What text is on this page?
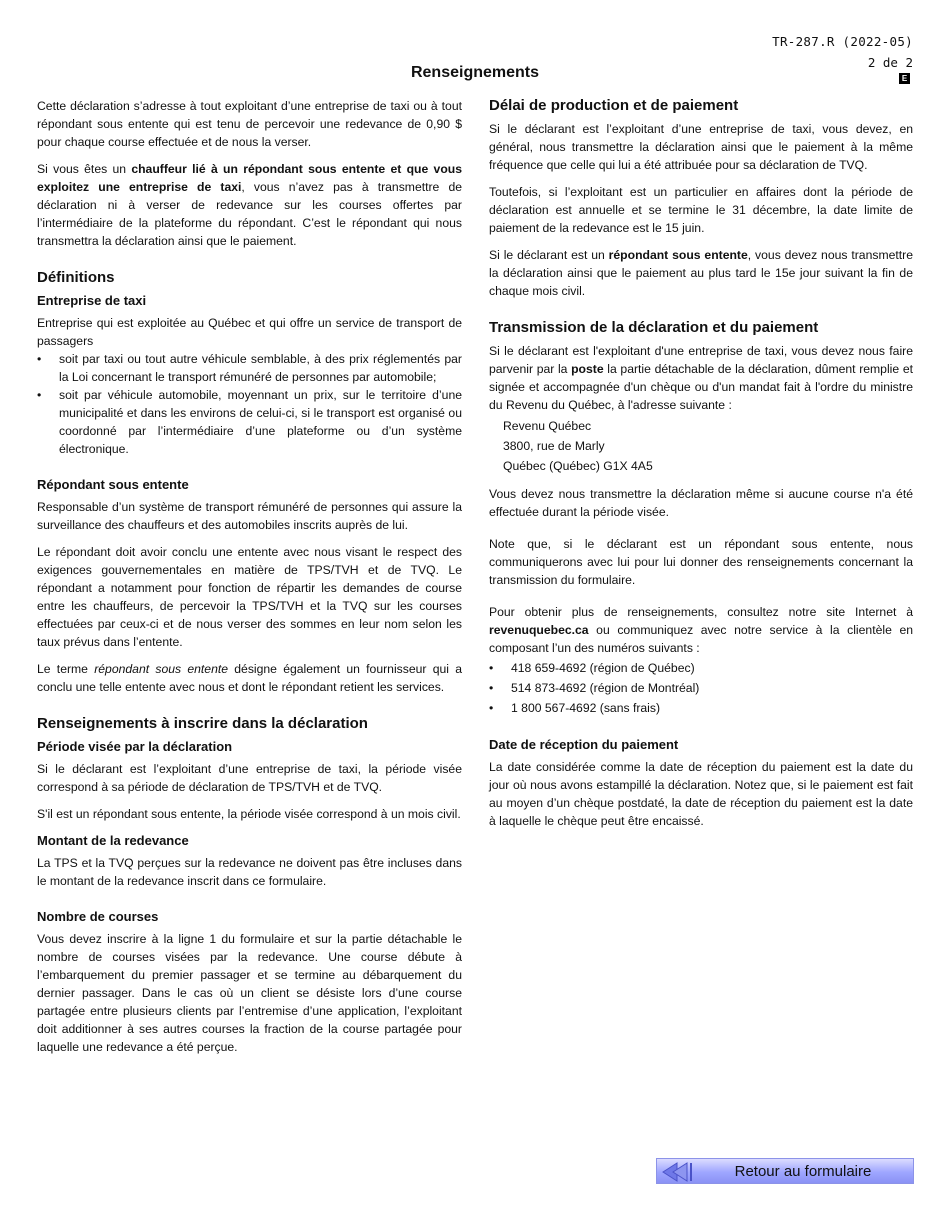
TR-287.R (2022-05)
2 de 2
E
Renseignements

Cette déclaration s’adresse à tout exploitant d’une entreprise de taxi ou à tout répondant sous entente qui est tenu de percevoir une redevance de 0,90 $ pour chaque course effectuée et de nous la verser.

Si vous êtes un chauffeur lié à un répondant sous entente et que vous exploitez une entreprise de taxi, vous n’avez pas à transmettre de déclaration ni à verser de redevance sur les courses offertes par l’intermédiaire de la plateforme du répondant. C’est le répondant qui nous transmettra la déclaration ainsi que le paiement.

Définitions
Entreprise de taxi

Entreprise qui est exploitée au Québec et qui offre un service de transport de passagers

• soit par taxi ou tout autre véhicule semblable, à des prix réglementés par la Loi concernant le transport rémunéré de personnes par automobile;
• soit par véhicule automobile, moyennant un prix, sur le territoire d’une municipalité et dans les environs de celui-ci, si le transport est organisé ou coordonné par l’intermédiaire d’une plateforme ou d’un système électronique.
Répondant sous entente

Responsable d’un système de transport rémunéré de personnes qui assure la surveillance des chauffeurs et des automobiles inscrits auprès de lui.

Le répondant doit avoir conclu une entente avec nous visant le respect des exigences gouvernementales en matière de TPS/TVH et de TVQ. Le répondant a notamment pour fonction de répartir les demandes de course entre les chauffeurs, de percevoir la TPS/TVH et la TVQ sur les courses effectuées par ceux-ci et de nous verser des sommes en leur nom selon les taux prévus dans l’entente.

Le terme répondant sous entente désigne également un fournisseur qui a conclu une telle entente avec nous et dont le répondant retient les services.

Renseignements à inscrire dans la déclaration
Période visée par la déclaration

Si le déclarant est l’exploitant d’une entreprise de taxi, la période visée correspond à sa période de déclaration de TPS/TVH et de TVQ.

S'il est un répondant sous entente, la période visée correspond à un mois civil.

Montant de la redevance

La TPS et la TVQ perçues sur la redevance ne doivent pas être incluses dans le montant de la redevance inscrit dans ce formulaire.

Nombre de courses

Vous devez inscrire à la ligne 1 du formulaire et sur la partie détachable le nombre de courses visées par la redevance. Une course débute à l’embarquement du premier passager et se termine au débarquement du dernier passager. Dans le cas où un client se désiste lors d’une course partagée entre plusieurs clients par l’entremise d’une application, l’exploitant doit additionner à ses autres courses la fraction de la course partagée pour laquelle une redevance a été perçue.

Délai de production et de paiement

Si le déclarant est l’exploitant d’une entreprise de taxi, vous devez, en général, nous transmettre la déclaration ainsi que le paiement à la même fréquence que celle qui lui a été attribuée pour sa déclaration de TVQ.

Toutefois, si l’exploitant est un particulier en affaires dont la période de déclaration est annuelle et se termine le 31 décembre, la date limite de paiement de la redevance est le 15 juin.

Si le déclarant est un répondant sous entente, vous devez nous transmettre la déclaration ainsi que le paiement au plus tard le 15e jour suivant la fin de chaque mois civil.

Transmission de la déclaration et du paiement

Si le déclarant est l'exploitant d'une entreprise de taxi, vous devez nous faire parvenir par la poste la partie détachable de la déclaration, dûment remplie et signée et accompagnée d'un chèque ou d'un mandat fait à l'ordre du ministre du Revenu du Québec, à l'adresse suivante :

Revenu Québec
3800, rue de Marly
Québec (Québec) G1X 4A5

Vous devez nous transmettre la déclaration même si aucune course n'a été effectuée durant la période visée.

Note que, si le déclarant est un répondant sous entente, nous communiquerons avec lui pour lui donner des renseignements concernant la transmission du formulaire.

Pour obtenir plus de renseignements, consultez notre site Internet à revenuquebec.ca ou communiquez avec notre service à la clientèle en composant l’un des numéros suivants :

• 418 659-4692 (région de Québec)
• 514 873-4692 (région de Montréal)
• 1 800 567-4692 (sans frais)
Date de réception du paiement

La date considérée comme la date de réception du paiement est la date du jour où nous avons estampillé la déclaration. Notez que, si le paiement est fait au moyen d’un chèque postdaté, la date de réception du paiement est la date à laquelle le chèque peut être encaissé.

Retour au formulaire
